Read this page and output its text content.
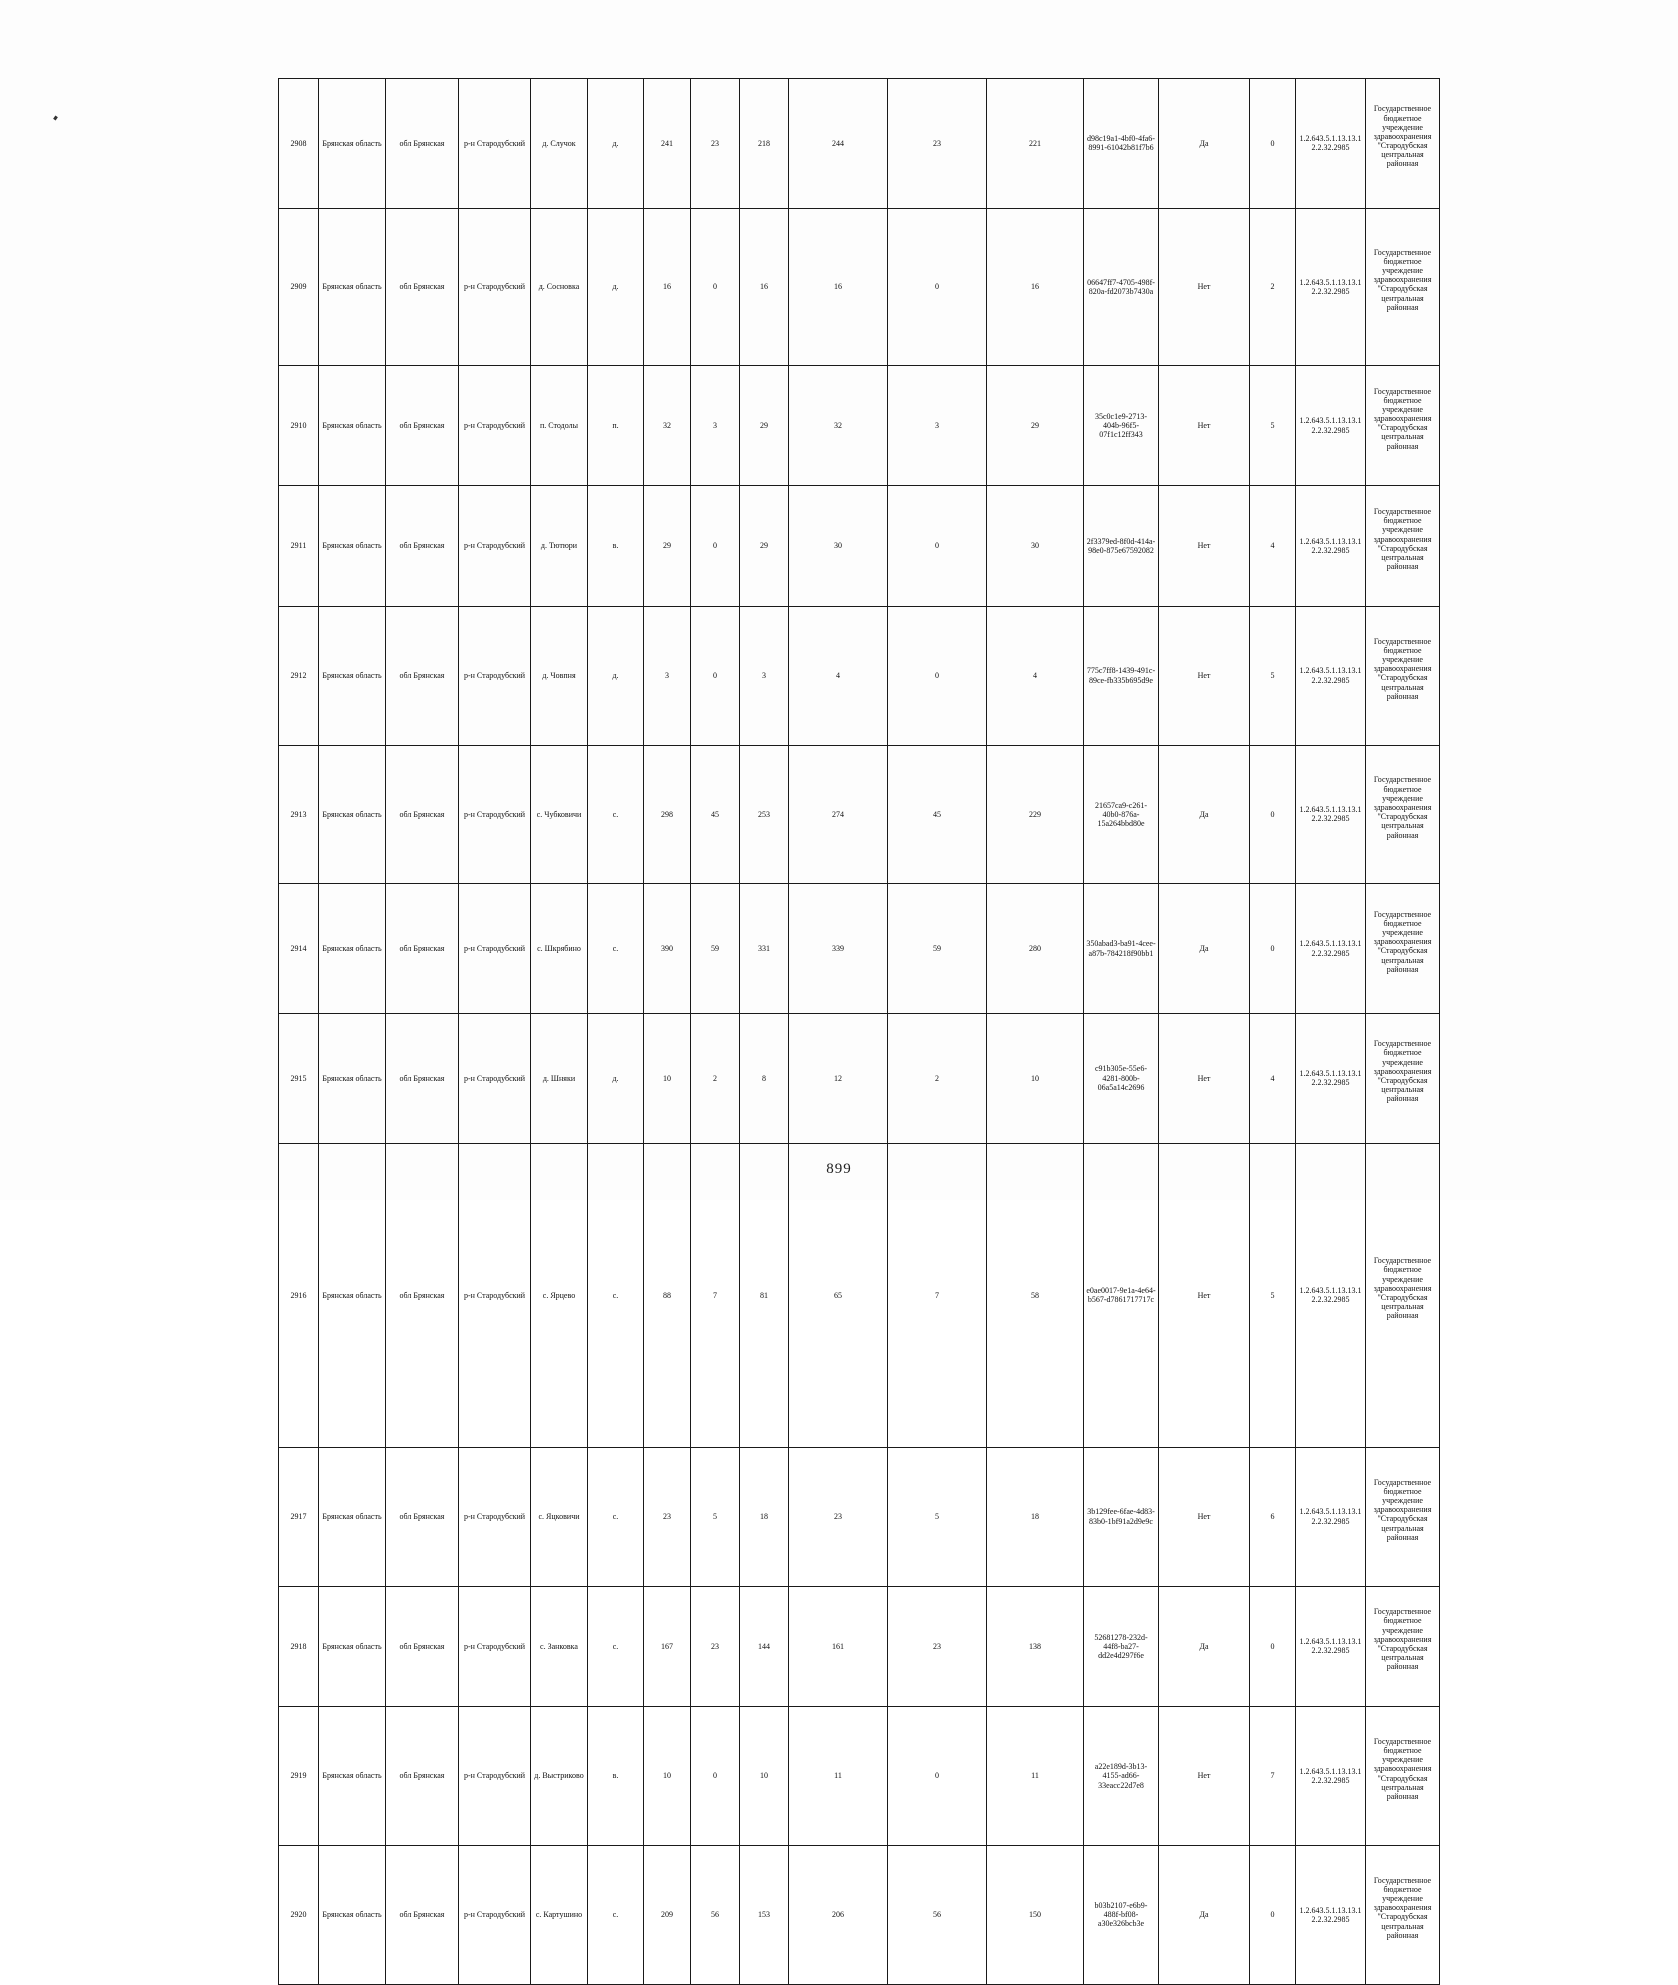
2908	Брянская область	обл Брянская	р-н Стародубский	д. Случок	д.	241	23	218	244	23	221	d98c19a1-4bf0-4fa6-8991-61042b81f7b6	Да	0	1.2.643.5.1.13.13.12.2.32.2985	Государственное бюджетное учреждение здравоохранения "Стародубская центральная районная

2909	Брянская область	обл Брянская	р-н Стародубский	д. Сосновка	д.	16	0	16	16	0	16	06647ff7-4705-498f-820a-fd2073b7430a	Нет	2	1.2.643.5.1.13.13.12.2.32.2985	Государственное бюджетное учреждение здравоохранения "Стародубская центральная районная

2910	Брянская область	обл Брянская	р-н Стародубский	п. Стодолы	п.	32	3	29	32	3	29	35c0c1e9-2713-404b-96f5-07f1c12ff343	Нет	5	1.2.643.5.1.13.13.12.2.32.2985	Государственное бюджетное учреждение здравоохранения "Стародубская центральная районная

2911	Брянская область	обл Брянская	р-н Стародубский	д. Тютюри	в.	29	0	29	30	0	30	2f3379ed-8f0d-414a-98e0-875e67592082	Нет	4	1.2.643.5.1.13.13.12.2.32.2985	Государственное бюджетное учреждение здравоохранения "Стародубская центральная районная

2912	Брянская область	обл Брянская	р-н Стародубский	д. Човпня	д.	3	0	3	4	0	4	775c7ff8-1439-491c-89ce-fb335b695d9e	Нет	5	1.2.643.5.1.13.13.12.2.32.2985	Государственное бюджетное учреждение здравоохранения "Стародубская центральная районная

2913	Брянская область	обл Брянская	р-н Стародубский	с. Чубковичи	с.	298	45	253	274	45	229	21657ca9-c261-40b0-876a-15a264bbd80e	Да	0	1.2.643.5.1.13.13.12.2.32.2985	Государственное бюджетное учреждение здравоохранения "Стародубская центральная районная

2914	Брянская область	обл Брянская	р-н Стародубский	с. Шкрябино	с.	390	59	331	339	59	280	350abad3-ba91-4cee-a87b-784218f90bb1	Да	0	1.2.643.5.1.13.13.12.2.32.2985	Государственное бюджетное учреждение здравоохранения "Стародубская центральная районная

2915	Брянская область	обл Брянская	р-н Стародубский	д. Шняки	д.	10	2	8	12	2	10	c91b305e-55e6-4281-800b-06a5a14c2696	Нет	4	1.2.643.5.1.13.13.12.2.32.2985	Государственное бюджетное учреждение здравоохранения "Стародубская центральная районная

2916	Брянская область	обл Брянская	р-н Стародубский	с. Ярцево	с.	88	7	81	65	7	58	e0ae0017-9e1a-4e64-b567-d7861717717c	Нет	5	1.2.643.5.1.13.13.12.2.32.2985	Государственное бюджетное учреждение здравоохранения "Стародубская центральная районная

2917	Брянская область	обл Брянская	р-н Стародубский	с. Яцковичи	с.	23	5	18	23	5	18	3b129fee-6fae-4d83-83b0-1bf91a2d9e9c	Нет	6	1.2.643.5.1.13.13.12.2.32.2985	Государственное бюджетное учреждение здравоохранения "Стародубская центральная районная

2918	Брянская область	обл Брянская	р-н Стародубский	с. Занковка	с.	167	23	144	161	23	138	52681278-232d-44f8-ba27-dd2e4d297f6e	Да	0	1.2.643.5.1.13.13.12.2.32.2985	Государственное бюджетное учреждение здравоохранения "Стародубская центральная районная

2919	Брянская область	обл Брянская	р-н Стародубский	д. Выстриково	в.	10	0	10	11	0	11	a22e189d-3b13-4155-ad66-33eacc22d7e8	Нет	7	1.2.643.5.1.13.13.12.2.32.2985	Государственное бюджетное учреждение здравоохранения "Стародубская центральная районная

2920	Брянская область	обл Брянская	р-н Стародубский	с. Картушино	с.	209	56	153	206	56	150	b03b2107-e6b9-488f-bf08-a30e326bcb3e	Да	0	1.2.643.5.1.13.13.12.2.32.2985	Государственное бюджетное учреждение здравоохранения "Стародубская центральная районная

899
